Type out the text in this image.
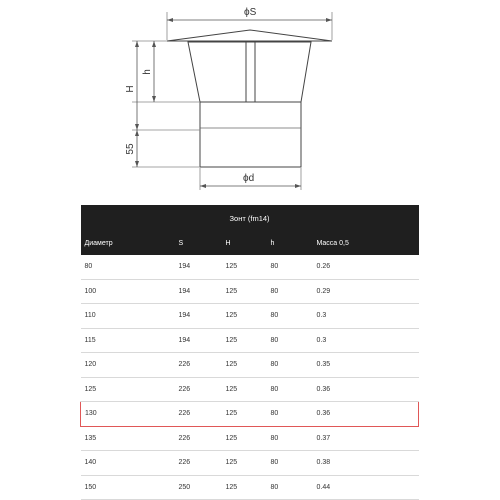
ϕS
ϕd
H
h
55
Зонт (fm14)				
Диаметр	S	H	h	Масса 0,5
80	194	125	80	0.26
100	194	125	80	0.29
110	194	125	80	0.3
115	194	125	80	0.3
120	226	125	80	0.35
125	226	125	80	0.36
130	226	125	80	0.36
135	226	125	80	0.37
140	226	125	80	0.38
150	250	125	80	0.44
